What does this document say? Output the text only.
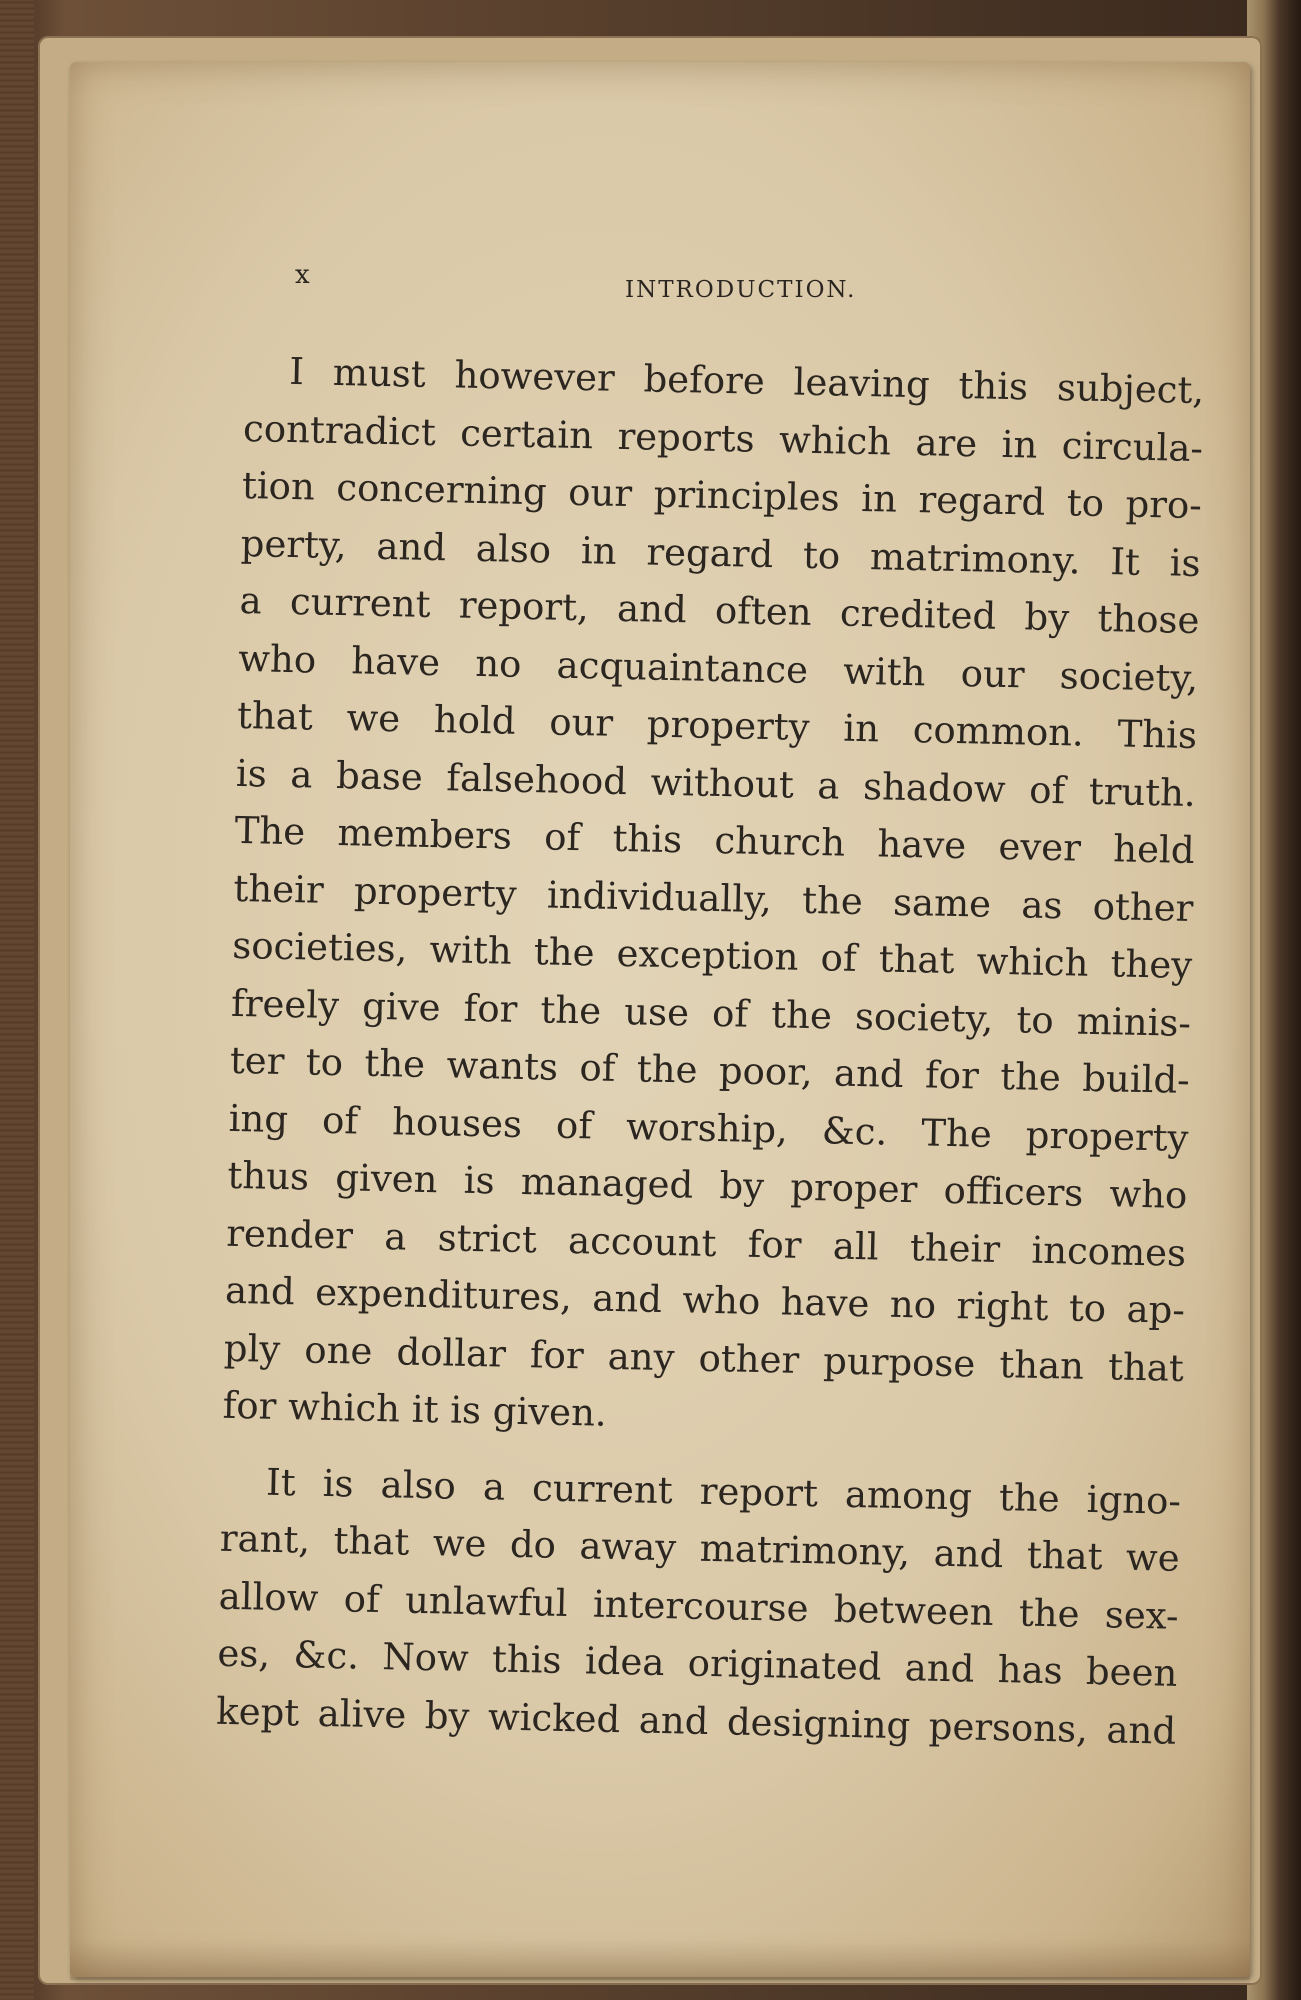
x	INTRODUCTION.
I must however before leaving this subject,
contradict certain reports which are in circula-
tion concerning our principles in regard to pro-
perty, and also in regard to matrimony. It is
a current report, and often credited by those
who have no acquaintance with our society,
that we hold our property in common. This
is a base falsehood without a shadow of truth.
The members of this church have ever held
their property individually, the same as other
societies, with the exception of that which they
freely give for the use of the society, to minis-
ter to the wants of the poor, and for the build-
ing of houses of worship, &c. The property
thus given is managed by proper officers who
render a strict account for all their incomes
and expenditures, and who have no right to ap-
ply one dollar for any other purpose than that
for which it is given.
It is also a current report among the igno-
rant, that we do away matrimony, and that we
allow of unlawful intercourse between the sex-
es, &c. Now this idea originated and has been
kept alive by wicked and designing persons, and
